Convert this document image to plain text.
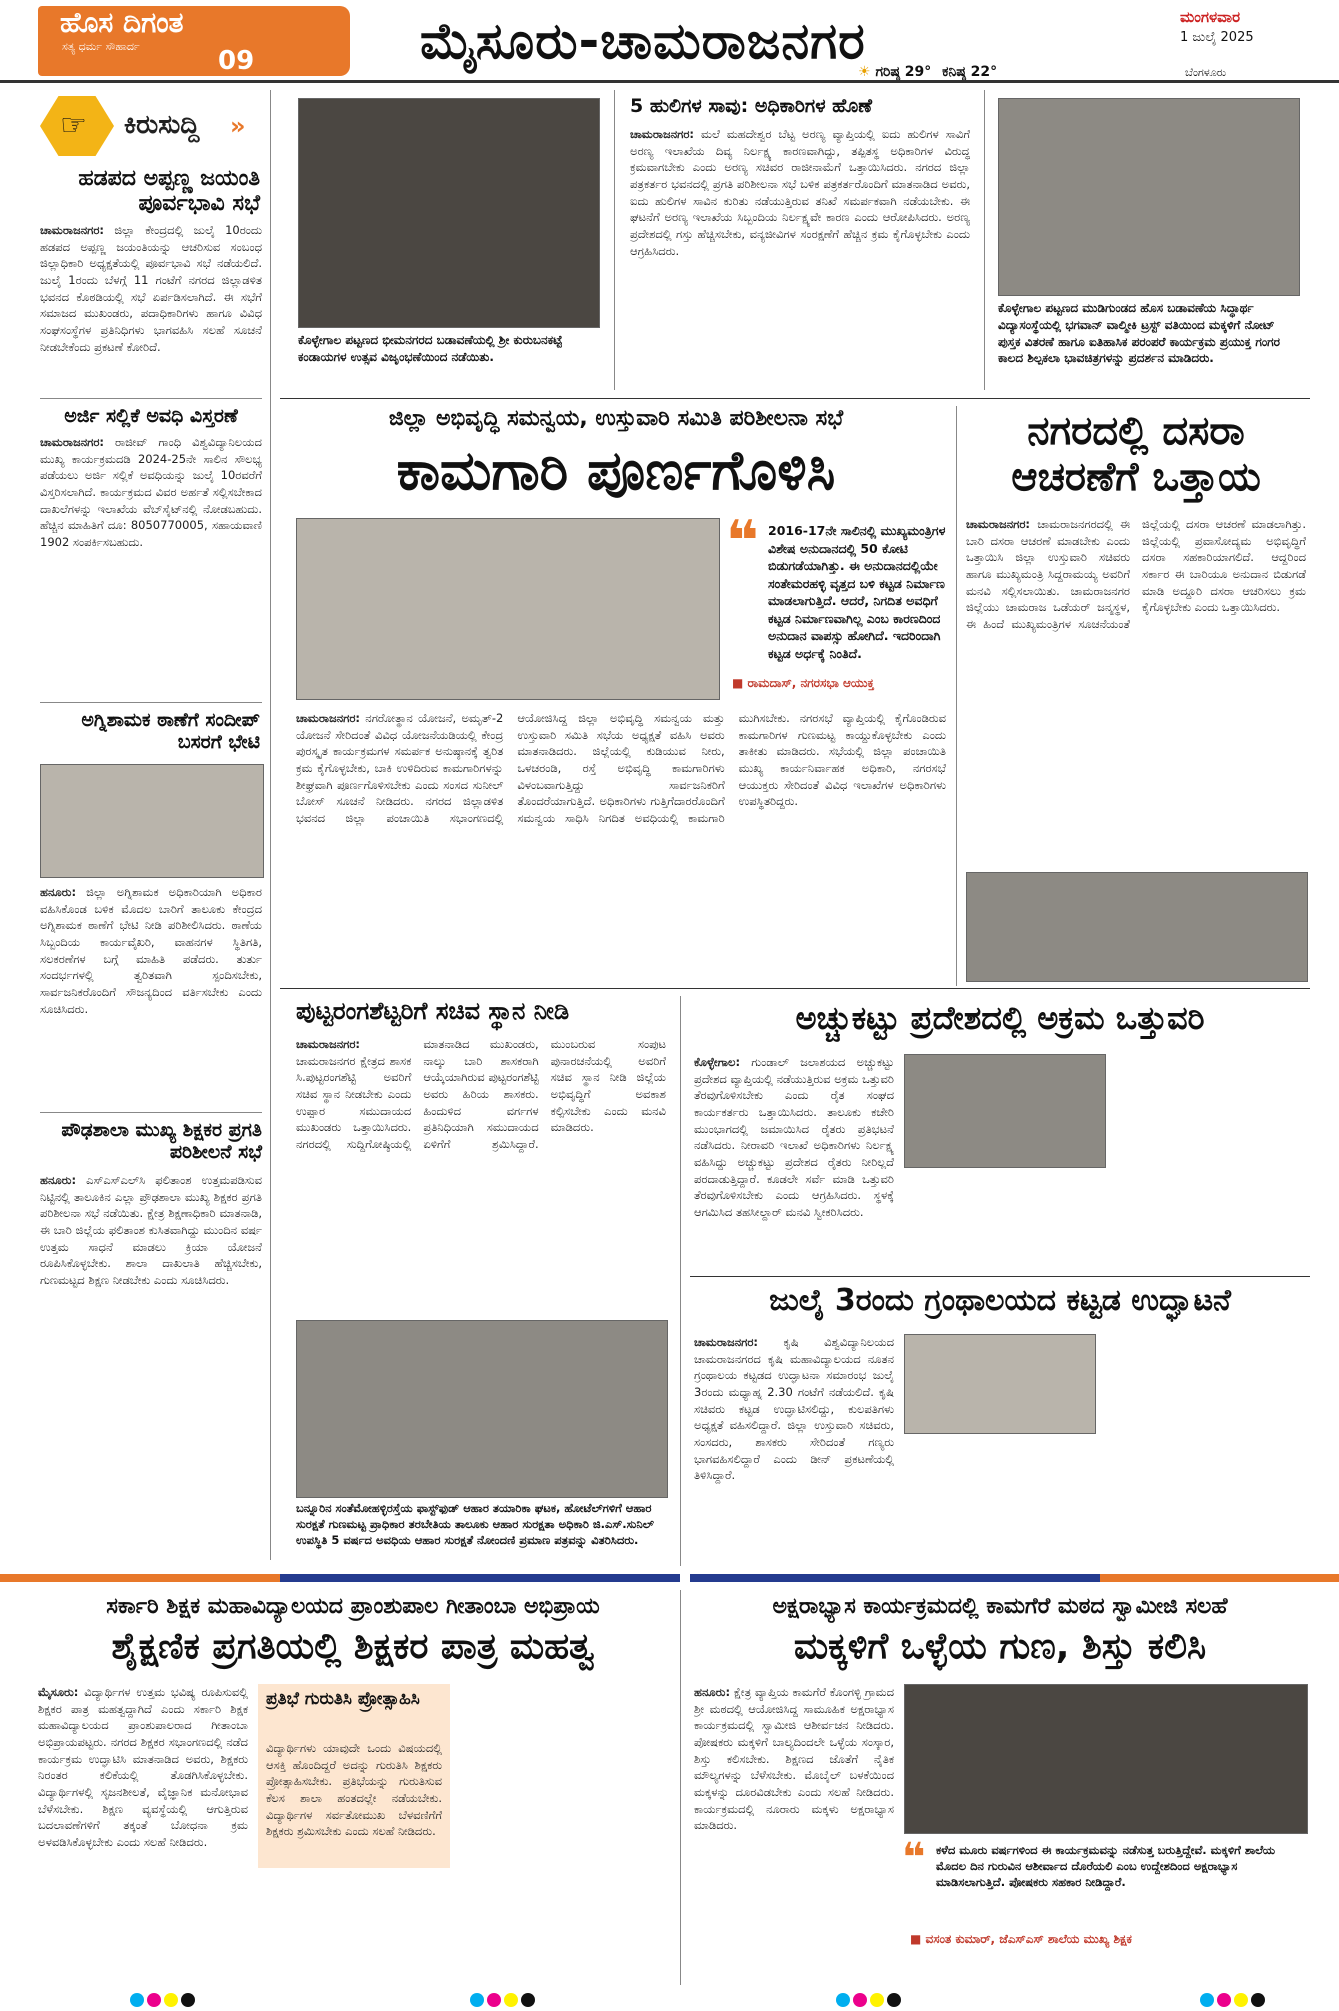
ಹೊಸ ದಿಗಂತ
ಸತ್ಯ ಧರ್ಮ ಸೌಹಾರ್ದ	09	ಮೈಸೂರು-ಚಾಮರಾಜನಗರ	ಮಂಗಳವಾರ
1 ಜುಲೈ 2025
☀ ಗರಿಷ್ಠ 29° ಕನಿಷ್ಠ 22°	ಬೆಂಗಳೂರು
☞ ಕಿರುಸುದ್ದಿ »
ಹಡಪದ ಅಪ್ಪಣ್ಣ ಜಯಂತಿ ಪೂರ್ವಭಾವಿ ಸಭೆ
ಚಾಮರಾಜನಗರ: ಜಿಲ್ಲಾ ಕೇಂದ್ರದಲ್ಲಿ ಜುಲೈ 10ರಂದು ಹಡಪದ ಅಪ್ಪಣ್ಣ ಜಯಂತಿಯನ್ನು ಆಚರಿಸುವ ಸಂಬಂಧ ಜಿಲ್ಲಾಧಿಕಾರಿ ಅಧ್ಯಕ್ಷತೆಯಲ್ಲಿ ಪೂರ್ವಭಾವಿ ಸಭೆ ನಡೆಯಲಿದೆ. ಜುಲೈ 1ರಂದು ಬೆಳಗ್ಗೆ 11 ಗಂಟೆಗೆ ನಗರದ ಜಿಲ್ಲಾಡಳಿತ ಭವನದ ಕೊಠಡಿಯಲ್ಲಿ ಸಭೆ ಏರ್ಪಡಿಸಲಾಗಿದೆ. ಈ ಸಭೆಗೆ ಸಮಾಜದ ಮುಖಂಡರು, ಪದಾಧಿಕಾರಿಗಳು ಹಾಗೂ ವಿವಿಧ ಸಂಘಸಂಸ್ಥೆಗಳ ಪ್ರತಿನಿಧಿಗಳು ಭಾಗವಹಿಸಿ ಸಲಹೆ ಸೂಚನೆ ನೀಡಬೇಕೆಂದು ಪ್ರಕಟಣೆ ಕೋರಿದೆ.
ಅರ್ಜಿ ಸಲ್ಲಿಕೆ ಅವಧಿ ವಿಸ್ತರಣೆ
ಚಾಮರಾಜನಗರ: ರಾಜೀವ್ ಗಾಂಧಿ ವಿಶ್ವವಿದ್ಯಾನಿಲಯದ ಮುಖ್ಯ ಕಾರ್ಯಕ್ರಮದಡಿ 2024-25ನೇ ಸಾಲಿನ ಸೌಲಭ್ಯ ಪಡೆಯಲು ಅರ್ಜಿ ಸಲ್ಲಿಕೆ ಅವಧಿಯನ್ನು ಜುಲೈ 10ರವರೆಗೆ ವಿಸ್ತರಿಸಲಾಗಿದೆ. ಕಾರ್ಯಕ್ರಮದ ವಿವರ ಅರ್ಹತೆ ಸಲ್ಲಿಸಬೇಕಾದ ದಾಖಲೆಗಳನ್ನು ಇಲಾಖೆಯ ವೆಬ್‌ಸೈಟ್‌ನಲ್ಲಿ ನೋಡಬಹುದು. ಹೆಚ್ಚಿನ ಮಾಹಿತಿಗೆ ದೂ: 8050770005, ಸಹಾಯವಾಣಿ 1902 ಸಂಪರ್ಕಿಸಬಹುದು.
ಅಗ್ನಿಶಾಮಕ ಠಾಣೆಗೆ ಸಂದೀಪ್ ಬಸರಗೆ ಭೇಟಿ
ಹನೂರು: ಜಿಲ್ಲಾ ಅಗ್ನಿಶಾಮಕ ಅಧಿಕಾರಿಯಾಗಿ ಅಧಿಕಾರ ವಹಿಸಿಕೊಂಡ ಬಳಿಕ ಮೊದಲ ಬಾರಿಗೆ ತಾಲೂಕು ಕೇಂದ್ರದ ಅಗ್ನಿಶಾಮಕ ಠಾಣೆಗೆ ಭೇಟಿ ನೀಡಿ ಪರಿಶೀಲಿಸಿದರು. ಠಾಣೆಯ ಸಿಬ್ಬಂದಿಯ ಕಾರ್ಯವೈಖರಿ, ವಾಹನಗಳ ಸ್ಥಿತಿಗತಿ, ಸಲಕರಣೆಗಳ ಬಗ್ಗೆ ಮಾಹಿತಿ ಪಡೆದರು. ತುರ್ತು ಸಂದರ್ಭಗಳಲ್ಲಿ ತ್ವರಿತವಾಗಿ ಸ್ಪಂದಿಸಬೇಕು, ಸಾರ್ವಜನಿಕರೊಂದಿಗೆ ಸೌಜನ್ಯದಿಂದ ವರ್ತಿಸಬೇಕು ಎಂದು ಸೂಚಿಸಿದರು.
ಪೌಢಶಾಲಾ ಮುಖ್ಯ ಶಿಕ್ಷಕರ ಪ್ರಗತಿ ಪರಿಶೀಲನೆ ಸಭೆ
ಹನೂರು: ಎಸ್‌ಎಸ್‌ಎಲ್‌ಸಿ ಫಲಿತಾಂಶ ಉತ್ತಮಪಡಿಸುವ ನಿಟ್ಟಿನಲ್ಲಿ ತಾಲೂಕಿನ ಎಲ್ಲಾ ಪ್ರೌಢಶಾಲಾ ಮುಖ್ಯ ಶಿಕ್ಷಕರ ಪ್ರಗತಿ ಪರಿಶೀಲನಾ ಸಭೆ ನಡೆಯಿತು. ಕ್ಷೇತ್ರ ಶಿಕ್ಷಣಾಧಿಕಾರಿ ಮಾತನಾಡಿ, ಈ ಬಾರಿ ಜಿಲ್ಲೆಯ ಫಲಿತಾಂಶ ಕುಸಿತವಾಗಿದ್ದು ಮುಂದಿನ ವರ್ಷ ಉತ್ತಮ ಸಾಧನೆ ಮಾಡಲು ಕ್ರಿಯಾ ಯೋಜನೆ ರೂಪಿಸಿಕೊಳ್ಳಬೇಕು. ಶಾಲಾ ದಾಖಲಾತಿ ಹೆಚ್ಚಿಸಬೇಕು, ಗುಣಮಟ್ಟದ ಶಿಕ್ಷಣ ನೀಡಬೇಕು ಎಂದು ಸೂಚಿಸಿದರು.
ಕೊಳ್ಳೇಗಾಲ ಪಟ್ಟಣದ ಭೀಮನಗರದ ಬಡಾವಣೆಯಲ್ಲಿ ಶ್ರೀ ಕುರುಬನಕಟ್ಟೆ ಕಂಡಾಯಗಳ ಉತ್ಸವ ವಿಜೃಂಭಣೆಯಿಂದ ನಡೆಯಿತು.
5 ಹುಲಿಗಳ ಸಾವು: ಅಧಿಕಾರಿಗಳ ಹೊಣೆ
ಚಾಮರಾಜನಗರ: ಮಲೆ ಮಹದೇಶ್ವರ ಬೆಟ್ಟ ಅರಣ್ಯ ವ್ಯಾಪ್ತಿಯಲ್ಲಿ ಐದು ಹುಲಿಗಳ ಸಾವಿಗೆ ಅರಣ್ಯ ಇಲಾಖೆಯ ದಿವ್ಯ ನಿರ್ಲಕ್ಷ್ಯ ಕಾರಣವಾಗಿದ್ದು, ತಪ್ಪಿತಸ್ಥ ಅಧಿಕಾರಿಗಳ ವಿರುದ್ಧ ಕ್ರಮವಾಗಬೇಕು ಎಂದು ಅರಣ್ಯ ಸಚಿವರ ರಾಜೀನಾಮೆಗೆ ಒತ್ತಾಯಿಸಿದರು. ನಗರದ ಜಿಲ್ಲಾ ಪತ್ರಕರ್ತರ ಭವನದಲ್ಲಿ ಪ್ರಗತಿ ಪರಿಶೀಲನಾ ಸಭೆ ಬಳಿಕ ಪತ್ರಕರ್ತರೊಂದಿಗೆ ಮಾತನಾಡಿದ ಅವರು, ಐದು ಹುಲಿಗಳ ಸಾವಿನ ಕುರಿತು ನಡೆಯುತ್ತಿರುವ ತನಿಖೆ ಸಮರ್ಪಕವಾಗಿ ನಡೆಯಬೇಕು. ಈ ಘಟನೆಗೆ ಅರಣ್ಯ ಇಲಾಖೆಯ ಸಿಬ್ಬಂದಿಯ ನಿರ್ಲಕ್ಷ್ಯವೇ ಕಾರಣ ಎಂದು ಆರೋಪಿಸಿದರು. ಅರಣ್ಯ ಪ್ರದೇಶದಲ್ಲಿ ಗಸ್ತು ಹೆಚ್ಚಿಸಬೇಕು, ವನ್ಯಜೀವಿಗಳ ಸಂರಕ್ಷಣೆಗೆ ಹೆಚ್ಚಿನ ಕ್ರಮ ಕೈಗೊಳ್ಳಬೇಕು ಎಂದು ಆಗ್ರಹಿಸಿದರು.
ಕೊಳ್ಳೇಗಾಲ ಪಟ್ಟಣದ ಮುಡಿಗುಂಡದ ಹೊಸ ಬಡಾವಣೆಯ ಸಿದ್ಧಾರ್ಥ ವಿದ್ಯಾಸಂಸ್ಥೆಯಲ್ಲಿ ಭಗವಾನ್ ವಾಲ್ಮೀಕಿ ಟ್ರಸ್ಟ್ ವತಿಯಿಂದ ಮಕ್ಕಳಿಗೆ ನೋಟ್ ಪುಸ್ತಕ ವಿತರಣೆ ಹಾಗೂ ಐತಿಹಾಸಿಕ ಪರಂಪರೆ ಕಾರ್ಯಕ್ರಮ ಪ್ರಯುಕ್ತ ಗಂಗರ ಕಾಲದ ಶಿಲ್ಪಕಲಾ ಭಾವಚಿತ್ರಗಳನ್ನು ಪ್ರದರ್ಶನ ಮಾಡಿದರು.
ಜಿಲ್ಲಾ ಅಭಿವೃದ್ಧಿ ಸಮನ್ವಯ, ಉಸ್ತುವಾರಿ ಸಮಿತಿ ಪರಿಶೀಲನಾ ಸಭೆ
ಕಾಮಗಾರಿ ಪೂರ್ಣಗೊಳಿಸಿ
❝ 2016-17ನೇ ಸಾಲಿನಲ್ಲಿ ಮುಖ್ಯಮಂತ್ರಿಗಳ ವಿಶೇಷ ಅನುದಾನದಲ್ಲಿ 50 ಕೋಟಿ ಬಿಡುಗಡೆಯಾಗಿತ್ತು. ಈ ಅನುದಾನದಲ್ಲಿಯೇ ಸಂತೇಮರಹಳ್ಳಿ ವೃತ್ತದ ಬಳಿ ಕಟ್ಟಡ ನಿರ್ಮಾಣ ಮಾಡಲಾಗುತ್ತಿದೆ. ಆದರೆ, ನಿಗದಿತ ಅವಧಿಗೆ ಕಟ್ಟಡ ನಿರ್ಮಾಣವಾಗಿಲ್ಲ ಎಂಬ ಕಾರಣದಿಂದ ಅನುದಾನ ವಾಪಸ್ಸು ಹೋಗಿದೆ. ಇದರಿಂದಾಗಿ ಕಟ್ಟಡ ಅರ್ಧಕ್ಕೆ ನಿಂತಿದೆ.
■ ರಾಮದಾಸ್, ನಗರಸಭಾ ಆಯುಕ್ತ
ಚಾಮರಾಜನಗರ: ನಗರೋತ್ಥಾನ ಯೋಜನೆ, ಅಮೃತ್-2 ಯೋಜನೆ ಸೇರಿದಂತೆ ವಿವಿಧ ಯೋಜನೆಯಡಿಯಲ್ಲಿ ಕೇಂದ್ರ ಪುರಸ್ಕೃತ ಕಾರ್ಯಕ್ರಮಗಳ ಸಮರ್ಪಕ ಅನುಷ್ಠಾನಕ್ಕೆ ತ್ವರಿತ ಕ್ರಮ ಕೈಗೊಳ್ಳಬೇಕು, ಬಾಕಿ ಉಳಿದಿರುವ ಕಾಮಗಾರಿಗಳನ್ನು ಶೀಘ್ರವಾಗಿ ಪೂರ್ಣಗೊಳಿಸಬೇಕು ಎಂದು ಸಂಸದ ಸುನೀಲ್ ಬೋಸ್ ಸೂಚನೆ ನೀಡಿದರು. ನಗರದ ಜಿಲ್ಲಾಡಳಿತ ಭವನದ ಜಿಲ್ಲಾ ಪಂಚಾಯಿತಿ ಸಭಾಂಗಣದಲ್ಲಿ ಆಯೋಜಿಸಿದ್ದ ಜಿಲ್ಲಾ ಅಭಿವೃದ್ಧಿ ಸಮನ್ವಯ ಮತ್ತು ಉಸ್ತುವಾರಿ ಸಮಿತಿ ಸಭೆಯ ಅಧ್ಯಕ್ಷತೆ ವಹಿಸಿ ಅವರು ಮಾತನಾಡಿದರು. ಜಿಲ್ಲೆಯಲ್ಲಿ ಕುಡಿಯುವ ನೀರು, ಒಳಚರಂಡಿ, ರಸ್ತೆ ಅಭಿವೃದ್ಧಿ ಕಾಮಗಾರಿಗಳು ವಿಳಂಬವಾಗುತ್ತಿದ್ದು ಸಾರ್ವಜನಿಕರಿಗೆ ತೊಂದರೆಯಾಗುತ್ತಿದೆ. ಅಧಿಕಾರಿಗಳು ಗುತ್ತಿಗೆದಾರರೊಂದಿಗೆ ಸಮನ್ವಯ ಸಾಧಿಸಿ ನಿಗದಿತ ಅವಧಿಯಲ್ಲಿ ಕಾಮಗಾರಿ ಮುಗಿಸಬೇಕು. ನಗರಸಭೆ ವ್ಯಾಪ್ತಿಯಲ್ಲಿ ಕೈಗೊಂಡಿರುವ ಕಾಮಗಾರಿಗಳ ಗುಣಮಟ್ಟ ಕಾಯ್ದುಕೊಳ್ಳಬೇಕು ಎಂದು ತಾಕೀತು ಮಾಡಿದರು. ಸಭೆಯಲ್ಲಿ ಜಿಲ್ಲಾ ಪಂಚಾಯಿತಿ ಮುಖ್ಯ ಕಾರ್ಯನಿರ್ವಾಹಕ ಅಧಿಕಾರಿ, ನಗರಸಭೆ ಆಯುಕ್ತರು ಸೇರಿದಂತೆ ವಿವಿಧ ಇಲಾಖೆಗಳ ಅಧಿಕಾರಿಗಳು ಉಪಸ್ಥಿತರಿದ್ದರು.
ನಗರದಲ್ಲಿ ದಸರಾ ಆಚರಣೆಗೆ ಒತ್ತಾಯ
ಚಾಮರಾಜನಗರ: ಚಾಮರಾಜನಗರದಲ್ಲಿ ಈ ಬಾರಿ ದಸರಾ ಆಚರಣೆ ಮಾಡಬೇಕು ಎಂದು ಒತ್ತಾಯಿಸಿ ಜಿಲ್ಲಾ ಉಸ್ತುವಾರಿ ಸಚಿವರು ಹಾಗೂ ಮುಖ್ಯಮಂತ್ರಿ ಸಿದ್ದರಾಮಯ್ಯ ಅವರಿಗೆ ಮನವಿ ಸಲ್ಲಿಸಲಾಯಿತು. ಚಾಮರಾಜನಗರ ಜಿಲ್ಲೆಯು ಚಾಮರಾಜ ಒಡೆಯರ್ ಜನ್ಮಸ್ಥಳ, ಈ ಹಿಂದೆ ಮುಖ್ಯಮಂತ್ರಿಗಳ ಸೂಚನೆಯಂತೆ ಜಿಲ್ಲೆಯಲ್ಲಿ ದಸರಾ ಆಚರಣೆ ಮಾಡಲಾಗಿತ್ತು. ಜಿಲ್ಲೆಯಲ್ಲಿ ಪ್ರವಾಸೋದ್ಯಮ ಅಭಿವೃದ್ಧಿಗೆ ದಸರಾ ಸಹಕಾರಿಯಾಗಲಿದೆ. ಆದ್ದರಿಂದ ಸರ್ಕಾರ ಈ ಬಾರಿಯೂ ಅನುದಾನ ಬಿಡುಗಡೆ ಮಾಡಿ ಅದ್ದೂರಿ ದಸರಾ ಆಚರಿಸಲು ಕ್ರಮ ಕೈಗೊಳ್ಳಬೇಕು ಎಂದು ಒತ್ತಾಯಿಸಿದರು.
ಪುಟ್ಟರಂಗಶೆಟ್ಟರಿಗೆ ಸಚಿವ ಸ್ಥಾನ ನೀಡಿ
ಚಾಮರಾಜನಗರ: ಚಾಮರಾಜನಗರ ಕ್ಷೇತ್ರದ ಶಾಸಕ ಸಿ.ಪುಟ್ಟರಂಗಶೆಟ್ಟಿ ಅವರಿಗೆ ಸಚಿವ ಸ್ಥಾನ ನೀಡಬೇಕು ಎಂದು ಉಪ್ಪಾರ ಸಮುದಾಯದ ಮುಖಂಡರು ಒತ್ತಾಯಿಸಿದರು. ನಗರದಲ್ಲಿ ಸುದ್ದಿಗೋಷ್ಠಿಯಲ್ಲಿ ಮಾತನಾಡಿದ ಮುಖಂಡರು, ನಾಲ್ಕು ಬಾರಿ ಶಾಸಕರಾಗಿ ಆಯ್ಕೆಯಾಗಿರುವ ಪುಟ್ಟರಂಗಶೆಟ್ಟಿ ಅವರು ಹಿರಿಯ ಶಾಸಕರು. ಹಿಂದುಳಿದ ವರ್ಗಗಳ ಪ್ರತಿನಿಧಿಯಾಗಿ ಸಮುದಾಯದ ಏಳಿಗೆಗೆ ಶ್ರಮಿಸಿದ್ದಾರೆ. ಮುಂಬರುವ ಸಂಪುಟ ಪುನಾರಚನೆಯಲ್ಲಿ ಅವರಿಗೆ ಸಚಿವ ಸ್ಥಾನ ನೀಡಿ ಜಿಲ್ಲೆಯ ಅಭಿವೃದ್ಧಿಗೆ ಅವಕಾಶ ಕಲ್ಪಿಸಬೇಕು ಎಂದು ಮನವಿ ಮಾಡಿದರು.
ಬನ್ನೂರಿನ ಸಂತೆಮೋಹಳ್ಳಿರಸ್ತೆಯ ಫಾಸ್ಟ್‌ಫುಡ್ ಆಹಾರ ತಯಾರಿಕಾ ಘಟಕ, ಹೋಟೆಲ್‌ಗಳಿಗೆ ಆಹಾರ ಸುರಕ್ಷತೆ ಗುಣಮಟ್ಟ ಪ್ರಾಧಿಕಾರ ತರಬೇತಿಯ ತಾಲೂಕು ಆಹಾರ ಸುರಕ್ಷತಾ ಅಧಿಕಾರಿ ಜಿ.ಎಸ್.ಸುನಿಲ್ ಉಪಸ್ಥಿತಿ 5 ವರ್ಷದ ಅವಧಿಯ ಆಹಾರ ಸುರಕ್ಷತೆ ನೋಂದಣಿ ಪ್ರಮಾಣ ಪತ್ರವನ್ನು ವಿತರಿಸಿದರು.
ಅಚ್ಚುಕಟ್ಟು ಪ್ರದೇಶದಲ್ಲಿ ಅಕ್ರಮ ಒತ್ತುವರಿ
ಕೊಳ್ಳೇಗಾಲ: ಗುಂಡಾಲ್ ಜಲಾಶಯದ ಅಚ್ಚುಕಟ್ಟು ಪ್ರದೇಶದ ವ್ಯಾಪ್ತಿಯಲ್ಲಿ ನಡೆಯುತ್ತಿರುವ ಅಕ್ರಮ ಒತ್ತುವರಿ ತೆರವುಗೊಳಿಸಬೇಕು ಎಂದು ರೈತ ಸಂಘದ ಕಾರ್ಯಕರ್ತರು ಒತ್ತಾಯಿಸಿದರು. ತಾಲೂಕು ಕಚೇರಿ ಮುಂಭಾಗದಲ್ಲಿ ಜಮಾಯಿಸಿದ ರೈತರು ಪ್ರತಿಭಟನೆ ನಡೆಸಿದರು. ನೀರಾವರಿ ಇಲಾಖೆ ಅಧಿಕಾರಿಗಳು ನಿರ್ಲಕ್ಷ್ಯ ವಹಿಸಿದ್ದು ಅಚ್ಚುಕಟ್ಟು ಪ್ರದೇಶದ ರೈತರು ನೀರಿಲ್ಲದೆ ಪರದಾಡುತ್ತಿದ್ದಾರೆ. ಕೂಡಲೇ ಸರ್ವೆ ಮಾಡಿ ಒತ್ತುವರಿ ತೆರವುಗೊಳಿಸಬೇಕು ಎಂದು ಆಗ್ರಹಿಸಿದರು. ಸ್ಥಳಕ್ಕೆ ಆಗಮಿಸಿದ ತಹಸೀಲ್ದಾರ್ ಮನವಿ ಸ್ವೀಕರಿಸಿದರು.
ಜುಲೈ 3ರಂದು ಗ್ರಂಥಾಲಯದ ಕಟ್ಟಡ ಉದ್ಘಾಟನೆ
ಚಾಮರಾಜನಗರ: ಕೃಷಿ ವಿಶ್ವವಿದ್ಯಾನಿಲಯದ ಚಾಮರಾಜನಗರದ ಕೃಷಿ ಮಹಾವಿದ್ಯಾಲಯದ ನೂತನ ಗ್ರಂಥಾಲಯ ಕಟ್ಟಡದ ಉದ್ಘಾಟನಾ ಸಮಾರಂಭ ಜುಲೈ 3ರಂದು ಮಧ್ಯಾಹ್ನ 2.30 ಗಂಟೆಗೆ ನಡೆಯಲಿದೆ. ಕೃಷಿ ಸಚಿವರು ಕಟ್ಟಡ ಉದ್ಘಾಟಿಸಲಿದ್ದು, ಕುಲಪತಿಗಳು ಅಧ್ಯಕ್ಷತೆ ವಹಿಸಲಿದ್ದಾರೆ. ಜಿಲ್ಲಾ ಉಸ್ತುವಾರಿ ಸಚಿವರು, ಸಂಸದರು, ಶಾಸಕರು ಸೇರಿದಂತೆ ಗಣ್ಯರು ಭಾಗವಹಿಸಲಿದ್ದಾರೆ ಎಂದು ಡೀನ್ ಪ್ರಕಟಣೆಯಲ್ಲಿ ತಿಳಿಸಿದ್ದಾರೆ.
ಸರ್ಕಾರಿ ಶಿಕ್ಷಕ ಮಹಾವಿದ್ಯಾಲಯದ ಪ್ರಾಂಶುಪಾಲ ಗೀತಾಂಬಾ ಅಭಿಪ್ರಾಯ
ಶೈಕ್ಷಣಿಕ ಪ್ರಗತಿಯಲ್ಲಿ ಶಿಕ್ಷಕರ ಪಾತ್ರ ಮಹತ್ವ
ಮೈಸೂರು: ವಿದ್ಯಾರ್ಥಿಗಳ ಉತ್ತಮ ಭವಿಷ್ಯ ರೂಪಿಸುವಲ್ಲಿ ಶಿಕ್ಷಕರ ಪಾತ್ರ ಮಹತ್ವದ್ದಾಗಿದೆ ಎಂದು ಸರ್ಕಾರಿ ಶಿಕ್ಷಕ ಮಹಾವಿದ್ಯಾಲಯದ ಪ್ರಾಂಶುಪಾಲರಾದ ಗೀತಾಂಬಾ ಅಭಿಪ್ರಾಯಪಟ್ಟರು. ನಗರದ ಶಿಕ್ಷಕರ ಸಭಾಂಗಣದಲ್ಲಿ ನಡೆದ ಕಾರ್ಯಕ್ರಮ ಉದ್ಘಾಟಿಸಿ ಮಾತನಾಡಿದ ಅವರು, ಶಿಕ್ಷಕರು ನಿರಂತರ ಕಲಿಕೆಯಲ್ಲಿ ತೊಡಗಿಸಿಕೊಳ್ಳಬೇಕು. ವಿದ್ಯಾರ್ಥಿಗಳಲ್ಲಿ ಸೃಜನಶೀಲತೆ, ವೈಜ್ಞಾನಿಕ ಮನೋಭಾವ ಬೆಳೆಸಬೇಕು. ಶಿಕ್ಷಣ ವ್ಯವಸ್ಥೆಯಲ್ಲಿ ಆಗುತ್ತಿರುವ ಬದಲಾವಣೆಗಳಿಗೆ ತಕ್ಕಂತೆ ಬೋಧನಾ ಕ್ರಮ ಅಳವಡಿಸಿಕೊಳ್ಳಬೇಕು ಎಂದು ಸಲಹೆ ನೀಡಿದರು.
ಪ್ರತಿಭೆ ಗುರುತಿಸಿ ಪ್ರೋತ್ಸಾಹಿಸಿ
ವಿದ್ಯಾರ್ಥಿಗಳು ಯಾವುದೇ ಒಂದು ವಿಷಯದಲ್ಲಿ ಆಸಕ್ತಿ ಹೊಂದಿದ್ದರೆ ಅದನ್ನು ಗುರುತಿಸಿ ಶಿಕ್ಷಕರು ಪ್ರೋತ್ಸಾಹಿಸಬೇಕು. ಪ್ರತಿಭೆಯನ್ನು ಗುರುತಿಸುವ ಕೆಲಸ ಶಾಲಾ ಹಂತದಲ್ಲೇ ನಡೆಯಬೇಕು. ವಿದ್ಯಾರ್ಥಿಗಳ ಸರ್ವತೋಮುಖ ಬೆಳವಣಿಗೆಗೆ ಶಿಕ್ಷಕರು ಶ್ರಮಿಸಬೇಕು ಎಂದು ಸಲಹೆ ನೀಡಿದರು.
ಅಕ್ಷರಾಭ್ಯಾಸ ಕಾರ್ಯಕ್ರಮದಲ್ಲಿ ಕಾಮಗೆರೆ ಮಠದ ಸ್ವಾಮೀಜಿ ಸಲಹೆ
ಮಕ್ಕಳಿಗೆ ಒಳ್ಳೆಯ ಗುಣ, ಶಿಸ್ತು ಕಲಿಸಿ
ಹನೂರು: ಕ್ಷೇತ್ರ ವ್ಯಾಪ್ತಿಯ ಕಾಮಗೆರೆ ಕೊಂಗಳ್ಳಿ ಗ್ರಾಮದ ಶ್ರೀ ಮಠದಲ್ಲಿ ಆಯೋಜಿಸಿದ್ದ ಸಾಮೂಹಿಕ ಅಕ್ಷರಾಭ್ಯಾಸ ಕಾರ್ಯಕ್ರಮದಲ್ಲಿ ಸ್ವಾಮೀಜಿ ಆಶೀರ್ವಚನ ನೀಡಿದರು. ಪೋಷಕರು ಮಕ್ಕಳಿಗೆ ಬಾಲ್ಯದಿಂದಲೇ ಒಳ್ಳೆಯ ಸಂಸ್ಕಾರ, ಶಿಸ್ತು ಕಲಿಸಬೇಕು. ಶಿಕ್ಷಣದ ಜೊತೆಗೆ ನೈತಿಕ ಮೌಲ್ಯಗಳನ್ನು ಬೆಳೆಸಬೇಕು. ಮೊಬೈಲ್ ಬಳಕೆಯಿಂದ ಮಕ್ಕಳನ್ನು ದೂರವಿಡಬೇಕು ಎಂದು ಸಲಹೆ ನೀಡಿದರು. ಕಾರ್ಯಕ್ರಮದಲ್ಲಿ ನೂರಾರು ಮಕ್ಕಳು ಅಕ್ಷರಾಭ್ಯಾಸ ಮಾಡಿದರು.
❝ ಕಳೆದ ಮೂರು ವರ್ಷಗಳಿಂದ ಈ ಕಾರ್ಯಕ್ರಮವನ್ನು ನಡೆಸುತ್ತ ಬರುತ್ತಿದ್ದೇವೆ. ಮಕ್ಕಳಿಗೆ ಶಾಲೆಯ ಮೊದಲ ದಿನ ಗುರುವಿನ ಆಶೀರ್ವಾದ ದೊರೆಯಲಿ ಎಂಬ ಉದ್ದೇಶದಿಂದ ಅಕ್ಷರಾಭ್ಯಾಸ ಮಾಡಿಸಲಾಗುತ್ತಿದೆ. ಪೋಷಕರು ಸಹಕಾರ ನೀಡಿದ್ದಾರೆ.
■ ವಸಂತ ಕುಮಾರ್, ಜೆಎಸ್‌ಎಸ್ ಶಾಲೆಯ ಮುಖ್ಯ ಶಿಕ್ಷಕ
